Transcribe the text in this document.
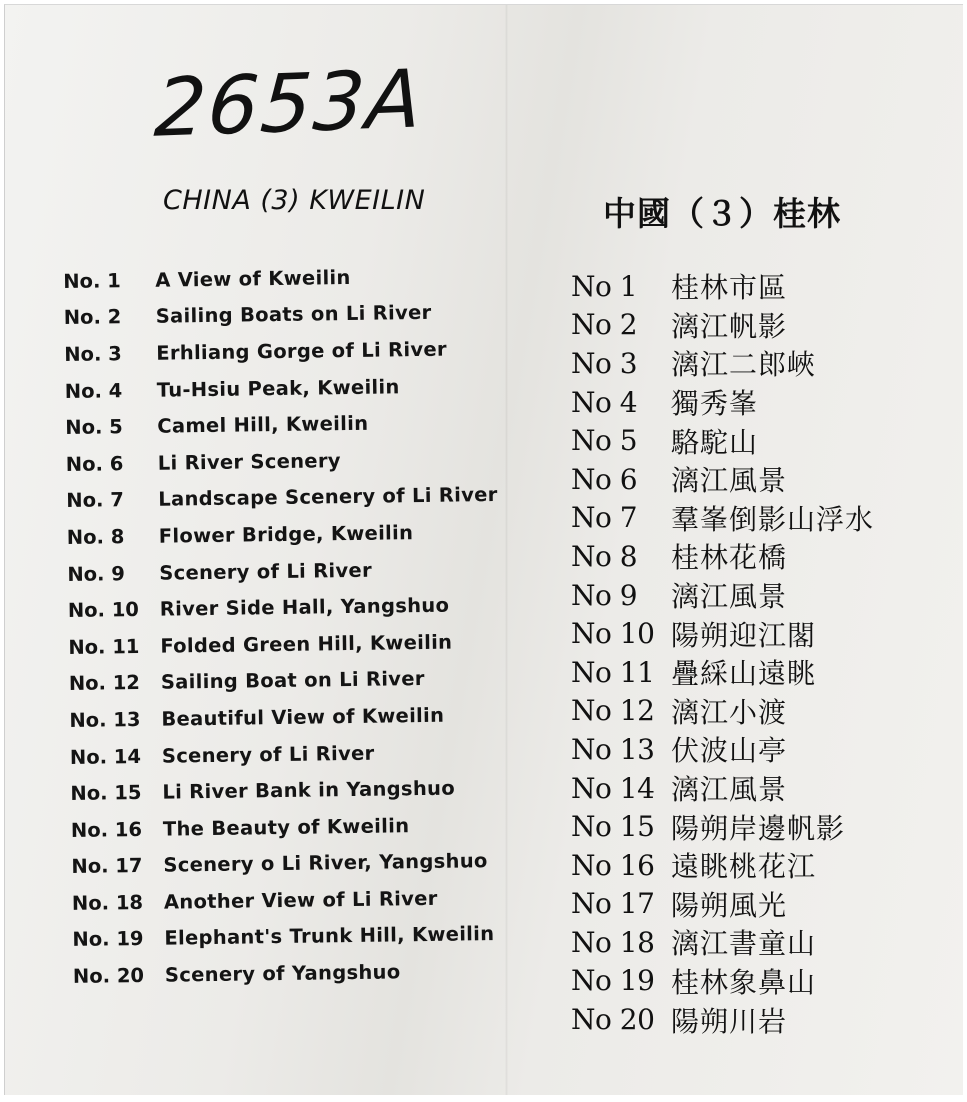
2653A
CHINA (3) KWEILIN	中國（３）桂林
No. 1	A View of Kweilin
No. 2	Sailing Boats on Li River
No. 3	Erhliang Gorge of Li River
No. 4	Tu-Hsiu Peak, Kweilin
No. 5	Camel Hill, Kweilin
No. 6	Li River Scenery
No. 7	Landscape Scenery of Li River
No. 8	Flower Bridge, Kweilin
No. 9	Scenery of Li River
No. 10	River Side Hall, Yangshuo
No. 11	Folded Green Hill, Kweilin
No. 12	Sailing Boat on Li River
No. 13	Beautiful View of Kweilin
No. 14	Scenery of Li River
No. 15	Li River Bank in Yangshuo
No. 16	The Beauty of Kweilin
No. 17	Scenery o Li River, Yangshuo
No. 18	Another View of Li River
No. 19	Elephant's Trunk Hill, Kweilin
No. 20	Scenery of Yangshuo
No 1	桂林市區
No 2	漓江帆影
No 3	漓江二郎峽
No 4	獨秀峯
No 5	駱駝山
No 6	漓江風景
No 7	羣峯倒影山浮水
No 8	桂林花橋
No 9	漓江風景
No 10 陽朔迎江閣
No 11 疊綵山遠眺
No 12 漓江小渡
No 13 伏波山亭
No 14 漓江風景
No 15 陽朔岸邊帆影
No 16 遠眺桃花江
No 17 陽朔風光
No 18 漓江書童山
No 19 桂林象鼻山
No 20 陽朔川岩
